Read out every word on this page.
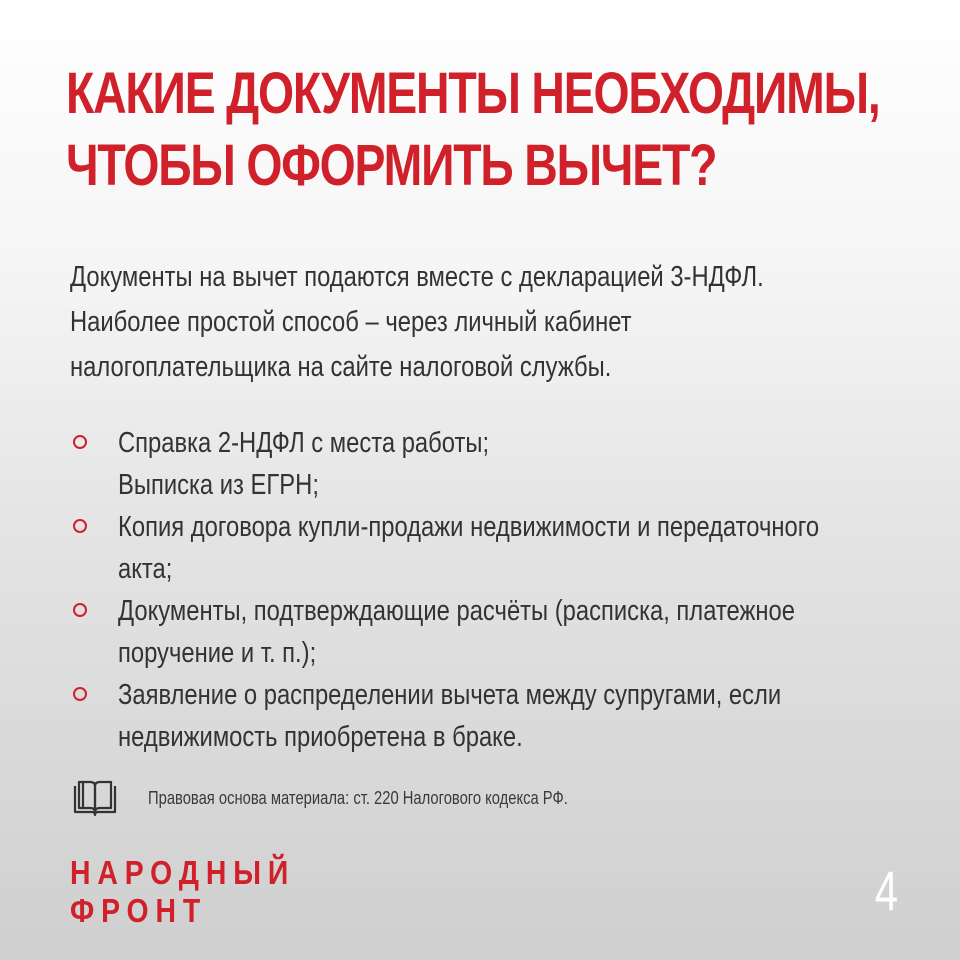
КАКИЕ ДОКУМЕНТЫ НЕОБХОДИМЫ,
ЧТОБЫ ОФОРМИТЬ ВЫЧЕТ?
Документы на вычет подаются вместе с декларацией 3-НДФЛ.
Наиболее простой способ – через личный кабинет
налогоплательщика на сайте налоговой службы.
Справка 2-НДФЛ с места работы;
Выписка из ЕГРН;
Копия договора купли-продажи недвижимости и передаточного
акта;
Документы, подтверждающие расчёты (расписка, платежное
поручение и т. п.);
Заявление о распределении вычета между супругами, если
недвижимость приобретена в браке.
Правовая основа материала: ст. 220 Налогового кодекса РФ.
НАРОДНЫЙ
ФРОНТ	4
